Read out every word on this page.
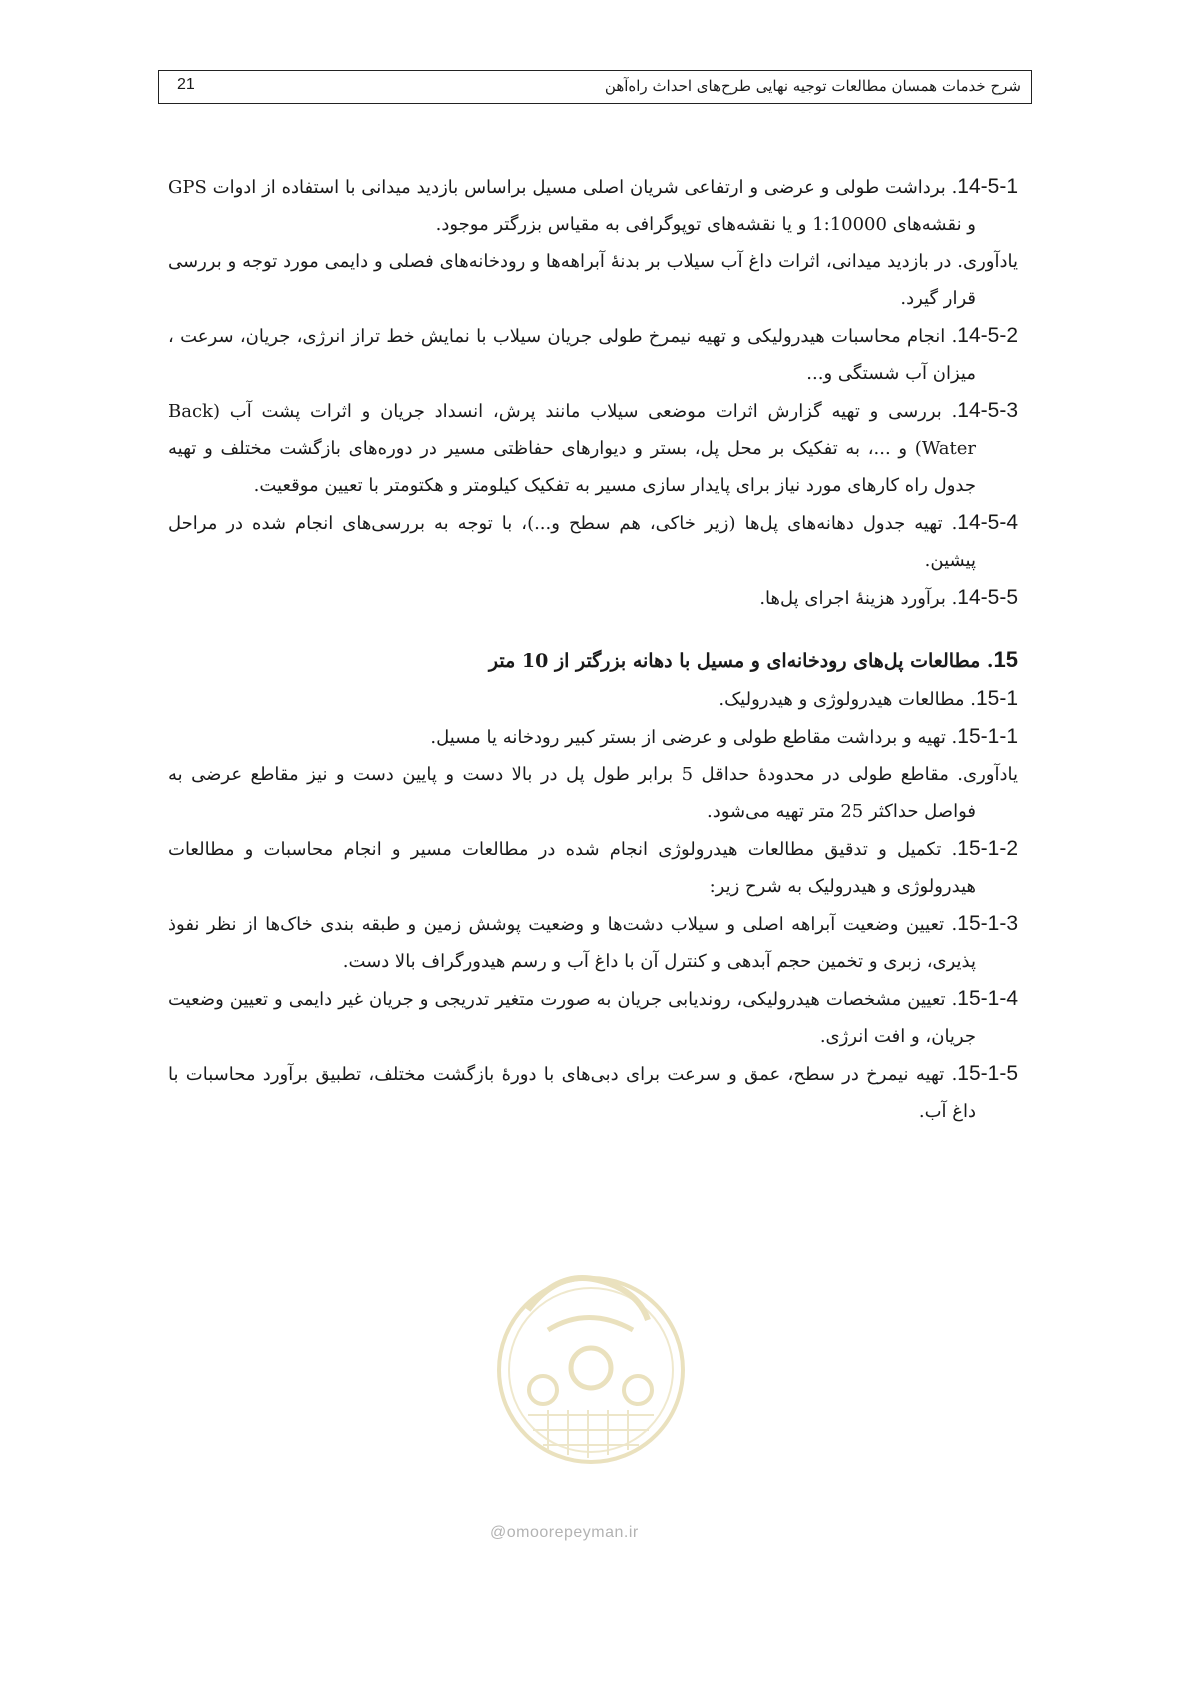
شرح خدمات همسان مطالعات توجیه نهایی طرح‌های احداث راه‌آهن
21

14-5-1. برداشت طولی و عرضی و ارتفاعی شریان اصلی مسیل براساس بازدید میدانی با استفاده از ادوات GPS و نقشه‌های 1:10000 و یا نقشه‌های توپوگرافی به مقیاس بزرگتر موجود.

یادآوری. در بازدید میدانی، اثرات داغ آب سیلاب بر بدنهٔ آبراهه‌ها و رودخانه‌های فصلی و دایمی مورد توجه و بررسی قرار گیرد.

14-5-2. انجام محاسبات هیدرولیکی و تهیه نیمرخ طولی جریان سیلاب با نمایش خط تراز انرژی، جریان، سرعت ، میزان آب شستگی و...

14-5-3. بررسی و تهیه گزارش اثرات موضعی سیلاب مانند پرش، انسداد جریان و اثرات پشت آب (Back Water) و ...، به تفکیک بر محل پل، بستر و دیوارهای حفاظتی مسیر در دوره‌های بازگشت مختلف و تهیه جدول راه کارهای مورد نیاز برای پایدار سازی مسیر به تفکیک کیلومتر و هکتومتر با تعیین موقعیت.

14-5-4. تهیه جدول دهانه‌های پل‌ها (زیر خاکی، هم سطح و...)، با توجه به بررسی‌های انجام شده در مراحل پیشین.

14-5-5. برآورد هزینهٔ اجرای پل‌ها.

15. مطالعات پل‌های رودخانه‌ای و مسیل با دهانه بزرگتر از 10 متر

15-1. مطالعات هیدرولوژی و هیدرولیک.

15-1-1. تهیه و برداشت مقاطع طولی و عرضی از بستر کبیر رودخانه یا مسیل.

یادآوری. مقاطع طولی در محدودهٔ حداقل 5 برابر طول پل در بالا دست و پایین دست و نیز مقاطع عرضی به فواصل حداکثر 25 متر تهیه می‌شود.

15-1-2. تکمیل و تدقیق مطالعات هیدرولوژی انجام شده در مطالعات مسیر و انجام محاسبات و مطالعات هیدرولوژی و هیدرولیک به شرح زیر:

15-1-3. تعیین وضعیت آبراهه اصلی و سیلاب دشت‌ها و وضعیت پوشش زمین و طبقه بندی خاک‌ها از نظر نفوذ پذیری، زبری و تخمین حجم آبدهی و کنترل آن با داغ آب و رسم هیدورگراف بالا دست.

15-1-4. تعیین مشخصات هیدرولیکی، روندیابی جریان به صورت متغیر تدریجی و جریان غیر دایمی و تعیین وضعیت جریان، و افت انرژی.

15-1-5. تهیه نیمرخ در سطح، عمق و سرعت برای دبی‌های با دورهٔ بازگشت مختلف، تطبیق برآورد محاسبات با داغ آب.

@omoorepeyman.ir
